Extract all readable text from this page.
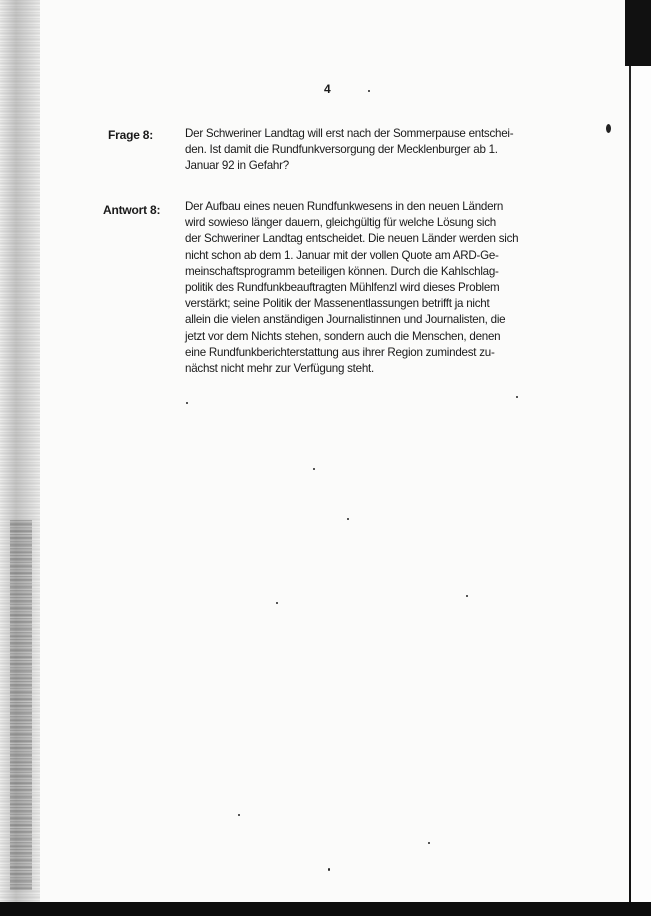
4
Frage 8:	Der Schweriner Landtag will erst nach der Sommerpause entschei-
den. Ist damit die Rundfunkversorgung der Mecklenburger ab 1.
Januar 92 in Gefahr?
Antwort 8: Der Aufbau eines neuen Rundfunkwesens in den neuen Ländern
wird sowieso länger dauern, gleichgültig für welche Lösung sich
der Schweriner Landtag entscheidet. Die neuen Länder werden sich
nicht schon ab dem 1. Januar mit der vollen Quote am ARD-Ge-
meinschaftsprogramm beteiligen können. Durch die Kahlschlag-
politik des Rundfunkbeauftragten Mühlfenzl wird dieses Problem
verstärkt; seine Politik der Massenentlassungen betrifft ja nicht
allein die vielen anständigen Journalistinnen und Journalisten, die
jetzt vor dem Nichts stehen, sondern auch die Menschen, denen
eine Rundfunkberichterstattung aus ihrer Region zumindest zu-
nächst nicht mehr zur Verfügung steht.
